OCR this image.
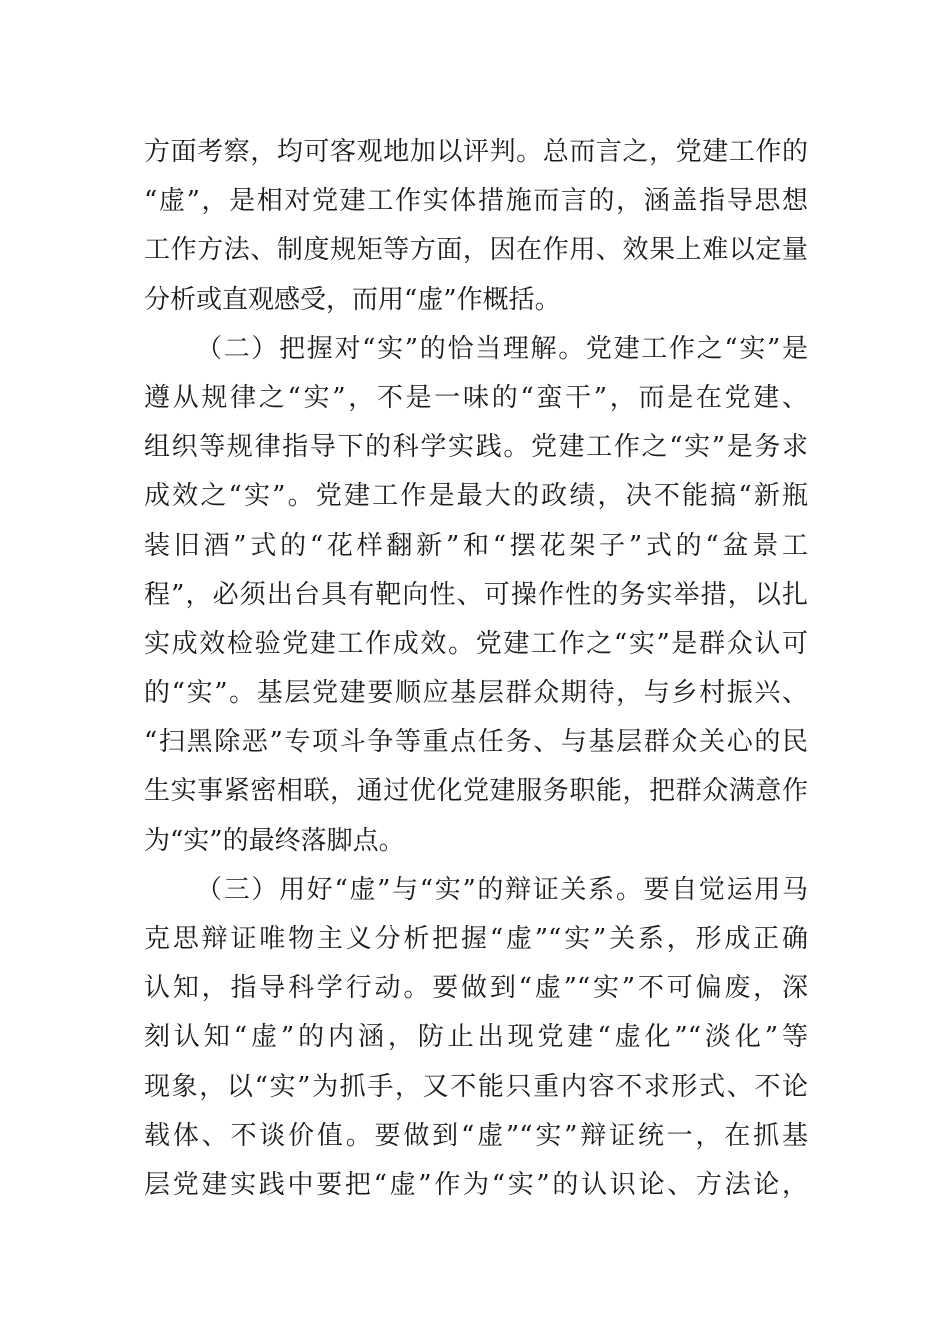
方面考察，均可客观地加以评判。总而言之，党建工作的
“虚”，是相对党建工作实体措施而言的，涵盖指导思想
工作方法、制度规矩等方面，因在作用、效果上难以定量
分析或直观感受，而用“虚”作概括。
（二）把握对“实”的恰当理解。党建工作之“实”是
遵从规律之“实”，不是一味的“蛮干”，而是在党建、
组织等规律指导下的科学实践。党建工作之“实”是务求
成效之“实”。党建工作是最大的政绩，决不能搞“新瓶
装旧酒”式的“花样翻新”和“摆花架子”式的“盆景工
程”，必须出台具有靶向性、可操作性的务实举措，以扎
实成效检验党建工作成效。党建工作之“实”是群众认可
的“实”。基层党建要顺应基层群众期待，与乡村振兴、
“扫黑除恶”专项斗争等重点任务、与基层群众关心的民
生实事紧密相联，通过优化党建服务职能，把群众满意作
为“实”的最终落脚点。
（三）用好“虚”与“实”的辩证关系。要自觉运用马
克思辩证唯物主义分析把握“虚”“实”关系，形成正确
认知，指导科学行动。要做到“虚”“实”不可偏废，深
刻认知“虚”的内涵，防止出现党建“虚化”“淡化”等
现象，以“实”为抓手，又不能只重内容不求形式、不论
载体、不谈价值。要做到“虚”“实”辩证统一，在抓基
层党建实践中要把“虚”作为“实”的认识论、方法论，
